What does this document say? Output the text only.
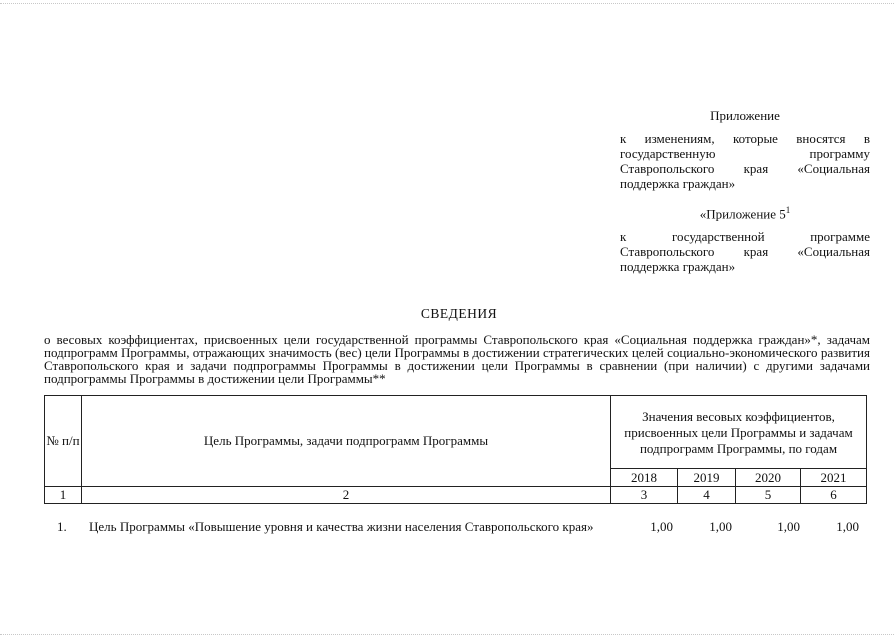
Приложение

к изменениям, которые вносятся в государственную программу Ставропольского края «Социальная поддержка граждан»

«Приложение $5^1$

к государственной программе Ставропольского края «Социальная поддержка граждан»

СВЕДЕНИЯ

о весовых коэффициентах, присвоенных цели государственной программы Ставропольского края «Социальная поддержка граждан»*, задачам подпрограмм Программы, отражающих значимость (вес) цели Программы в достижении стратегических целей социально-экономического развития Ставропольского края и задачи подпрограммы Программы в достижении цели Программы в сравнении (при наличии) с другими задачами подпрограммы Программы в достижении цели Программы**

№ п/п	Цель Программы, задачи подпрограмм Программы	Значения весовых коэффициентов, присвоенных цели Программы и задачам подпрограмм Программы, по годам			
		2018	2019	2020	2021
1	2	3	4	5	6
1. Цель Программы «Повышение уровня и качества жизни населения Ставропольского края»	1,00	1,00	1,00	1,00
